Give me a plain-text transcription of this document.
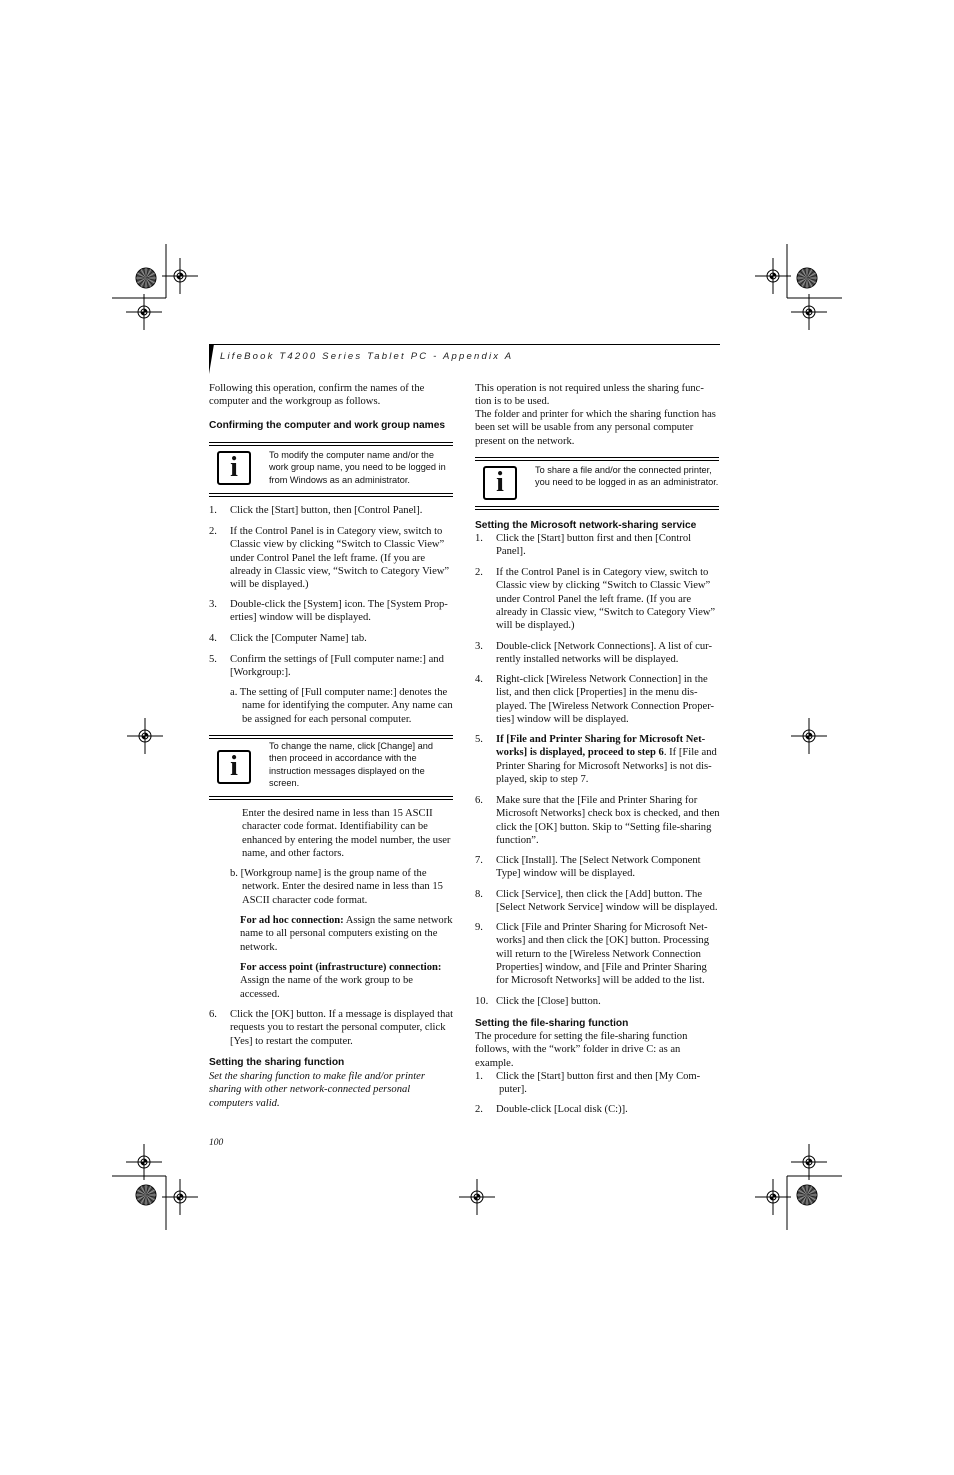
LifeBook T4200 Series Tablet PC - Appendix A

Following this operation, confirm the names of the computer and the workgroup as follows.

Confirming the computer and work group names

i	To modify the computer name and/or the work group name, you need to be logged in from Windows as an administrator.
1. Click the [Start] button, then [Control Panel].
2. If the Control Panel is in Category view, switch to Classic view by clicking “Switch to Classic View” under Control Panel the left frame. (If you are already in Classic view, “Switch to Category View” will be displayed.)
3. Double-click the [System] icon. The [System Prop-erties] window will be displayed.
4. Click the [Computer Name] tab.
5. Confirm the settings of [Full computer name:] and [Workgroup:].

a. The setting of [Full computer name:] denotes the name for identifying the computer. Any name can be assigned for each personal computer.

i
To change the name, click [Change] and then proceed in accordance with the instruction messages displayed on the screen.

Enter the desired name in less than 15 ASCII character code format. Identifiability can be enhanced by entering the model number, the user name, and other factors.

b. [Workgroup name] is the group name of the network. Enter the desired name in less than 15 ASCII character code format.

For ad hoc connection: Assign the same network name to all personal computers existing on the network.

For access point (infrastructure) connection:
Assign the name of the work group to be accessed.

6. Click the [OK] button. If a message is displayed that requests you to restart the personal computer, click [Yes] to restart the computer.

Setting the sharing function

Set the sharing function to make file and/or printer sharing with other network-connected personal computers valid.

This operation is not required unless the sharing func-tion is to be used.

The folder and printer for which the sharing function has been set will be usable from any personal computer present on the network.

i	To share a file and/or the connected printer, you need to be logged in as an administrator.

Setting the Microsoft network-sharing service

1. Click the [Start] button first and then [Control Panel].
2. If the Control Panel is in Category view, switch to Classic view by clicking “Switch to Classic View” under Control Panel the left frame. (If you are already in Classic view, “Switch to Category View” will be displayed.)
3. Double-click [Network Connections]. A list of cur-rently installed networks will be displayed.
4. Right-click [Wireless Network Connection] in the list, and then click [Properties] in the menu dis-played. The [Wireless Network Connection Proper-ties] window will be displayed.
5. If [File and Printer Sharing for Microsoft Net-works] is displayed, proceed to step 6. If [File and Printer Sharing for Microsoft Networks] is not dis-played, skip to step 7.
6. Make sure that the [File and Printer Sharing for Microsoft Networks] check box is checked, and then click the [OK] button. Skip to “Setting file-sharing function”.
7. Click [Install]. The [Select Network Component Type] window will be displayed.
8. Click [Service], then click the [Add] button. The [Select Network Service] window will be displayed.
9. Click [File and Printer Sharing for Microsoft Net-works] and then click the [OK] button. Processing will return to the [Wireless Network Connection Properties] window, and [File and Printer Sharing for Microsoft Networks] will be added to the list.
10. Click the [Close] button.

Setting the file-sharing function

The procedure for setting the file-sharing function follows, with the “work” folder in drive C: as an example.

1. Click the [Start] button first and then [My Com-puter].
2. Double-click [Local disk (C:)].
100
